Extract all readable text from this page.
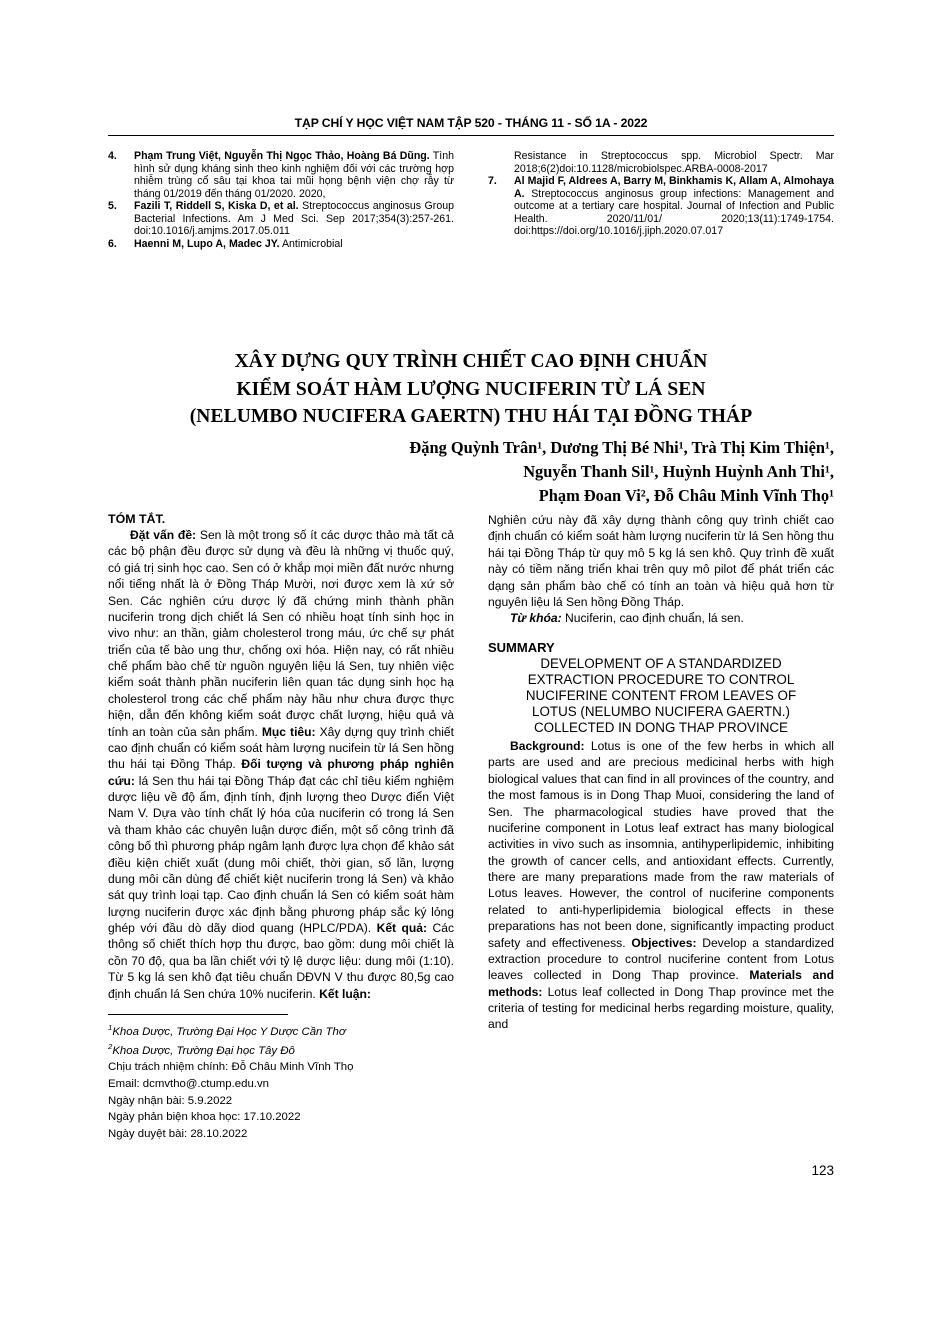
TẠP CHÍ Y HỌC VIỆT NAM TẬP 520 - THÁNG 11 - SỐ 1A - 2022
4. Phạm Trung Việt, Nguyễn Thị Ngọc Thảo, Hoàng Bá Dũng. Tình hình sử dụng kháng sinh theo kinh nghiệm đối với các trường hợp nhiễm trùng cổ sâu tại khoa tai mũi họng bệnh viện chợ rẫy từ tháng 01/2019 đến tháng 01/2020. 2020,
5. Fazili T, Riddell S, Kiska D, et al. Streptococcus anginosus Group Bacterial Infections. Am J Med Sci. Sep 2017;354(3):257-261. doi:10.1016/j.amjms.2017.05.011
6. Haenni M, Lupo A, Madec JY. Antimicrobial
Resistance in Streptococcus spp. Microbiol Spectr. Mar 2018;6(2)doi:10.1128/microbiolspec.ARBA-0008-2017
7. Al Majid F, Aldrees A, Barry M, Binkhamis K, Allam A, Almohaya A. Streptococcus anginosus group infections: Management and outcome at a tertiary care hospital. Journal of Infection and Public Health. 2020/11/01/ 2020;13(11):1749-1754. doi:https://doi.org/10.1016/j.jiph.2020.07.017
XÂY DỰNG QUY TRÌNH CHIẾT CAO ĐỊNH CHUẨN
KIỂM SOÁT HÀM LƯỢNG NUCIFERIN TỪ LÁ SEN
(NELUMBO NUCIFERA GAERTN) THU HÁI TẠI ĐỒNG THÁP
Đặng Quỳnh Trân¹, Dương Thị Bé Nhi¹, Trà Thị Kim Thiện¹,
Nguyễn Thanh Sil¹, Huỳnh Huỳnh Anh Thi¹,
Phạm Đoan Vi², Đỗ Châu Minh Vĩnh Thọ¹
TÓM TẮT.

Đặt vấn đề: Sen là một trong số ít các dược thảo mà tất cả các bộ phận đều được sử dụng và đều là những vị thuốc quý, có giá trị sinh học cao. Sen có ở khắp mọi miền đất nước nhưng nổi tiếng nhất là ở Đồng Tháp Mười, nơi được xem là xứ sở Sen. Các nghiên cứu dược lý đã chứng minh thành phần nuciferin trong dịch chiết lá Sen có nhiều hoạt tính sinh học in vivo như: an thần, giảm cholesterol trong máu, ức chế sự phát triển của tế bào ung thư, chống oxi hóa. Hiện nay, có rất nhiều chế phẩm bào chế từ nguồn nguyên liệu lá Sen, tuy nhiên việc kiểm soát thành phần nuciferin liên quan tác dụng sinh học hạ cholesterol trong các chế phẩm này hầu như chưa được thực hiện, dẫn đến không kiểm soát được chất lượng, hiệu quả và tính an toàn của sản phẩm. Mục tiêu: Xây dựng quy trình chiết cao định chuẩn có kiểm soát hàm lượng nucifein từ lá Sen hồng thu hái tại Đồng Tháp. Đối tượng và phương pháp nghiên cứu: lá Sen thu hái tại Đồng Tháp đạt các chỉ tiêu kiểm nghiệm dược liệu về độ ẩm, định tính, định lượng theo Dược điển Việt Nam V. Dựa vào tính chất lý hóa của nuciferin có trong lá Sen và tham khảo các chuyên luận dược điển, một số công trình đã công bố thì phương pháp ngâm lạnh được lựa chọn để khảo sát điều kiện chiết xuất (dung môi chiết, thời gian, số lần, lượng dung môi cần dùng để chiết kiệt nuciferin trong lá Sen) và khảo sát quy trình loại tạp. Cao định chuẩn lá Sen có kiểm soát hàm lượng nuciferin được xác định bằng phương pháp sắc ký lỏng ghép với đầu dò dãy diod quang (HPLC/PDA). Kết quả: Các thông số chiết thích hợp thu được, bao gồm: dung môi chiết là cồn 70 độ, qua ba lần chiết với tỷ lệ dược liệu: dung môi (1:10). Từ 5 kg lá sen khô đạt tiêu chuẩn DĐVN V thu được 80,5g cao định chuẩn lá Sen chứa 10% nuciferin. Kết luận:

Nghiên cứu này đã xây dựng thành công quy trình chiết cao định chuẩn có kiểm soát hàm lượng nuciferin từ lá Sen hồng thu hái tại Đồng Tháp từ quy mô 5 kg lá sen khô. Quy trình đề xuất này có tiềm năng triển khai trên quy mô pilot để phát triển các dạng sản phẩm bào chế có tính an toàn và hiệu quả hơn từ nguyên liệu lá Sen hồng Đồng Tháp.

Từ khóa: Nuciferin, cao định chuẩn, lá sen.

SUMMARY
DEVELOPMENT OF A STANDARDIZED
EXTRACTION PROCEDURE TO CONTROL
NUCIFERINE CONTENT FROM LEAVES OF
LOTUS (NELUMBO NUCIFERA GAERTN.)
COLLECTED IN DONG THAP PROVINCE

Background: Lotus is one of the few herbs in which all parts are used and are precious medicinal herbs with high biological values that can find in all provinces of the country, and the most famous is in Dong Thap Muoi, considering the land of Sen. The pharmacological studies have proved that the nuciferine component in Lotus leaf extract has many biological activities in vivo such as insomnia, antihyperlipidemic, inhibiting the growth of cancer cells, and antioxidant effects. Currently, there are many preparations made from the raw materials of Lotus leaves. However, the control of nuciferine components related to anti-hyperlipidemia biological effects in these preparations has not been done, significantly impacting product safety and effectiveness. Objectives: Develop a standardized extraction procedure to control nuciferine content from Lotus leaves collected in Dong Thap province. Materials and methods: Lotus leaf collected in Dong Thap province met the criteria of testing for medicinal herbs regarding moisture, quality, and

$^1$Khoa Dược, Trường Đại Học Y Dược Cần Thơ
$^2$Khoa Dược, Trường Đại học Tây Đô
Chịu trách nhiệm chính: Đỗ Châu Minh Vĩnh Thọ
Email: dcmvtho@.ctump.edu.vn
Ngày nhận bài: 5.9.2022
Ngày phản biện khoa học: 17.10.2022
Ngày duyệt bài: 28.10.2022
123
